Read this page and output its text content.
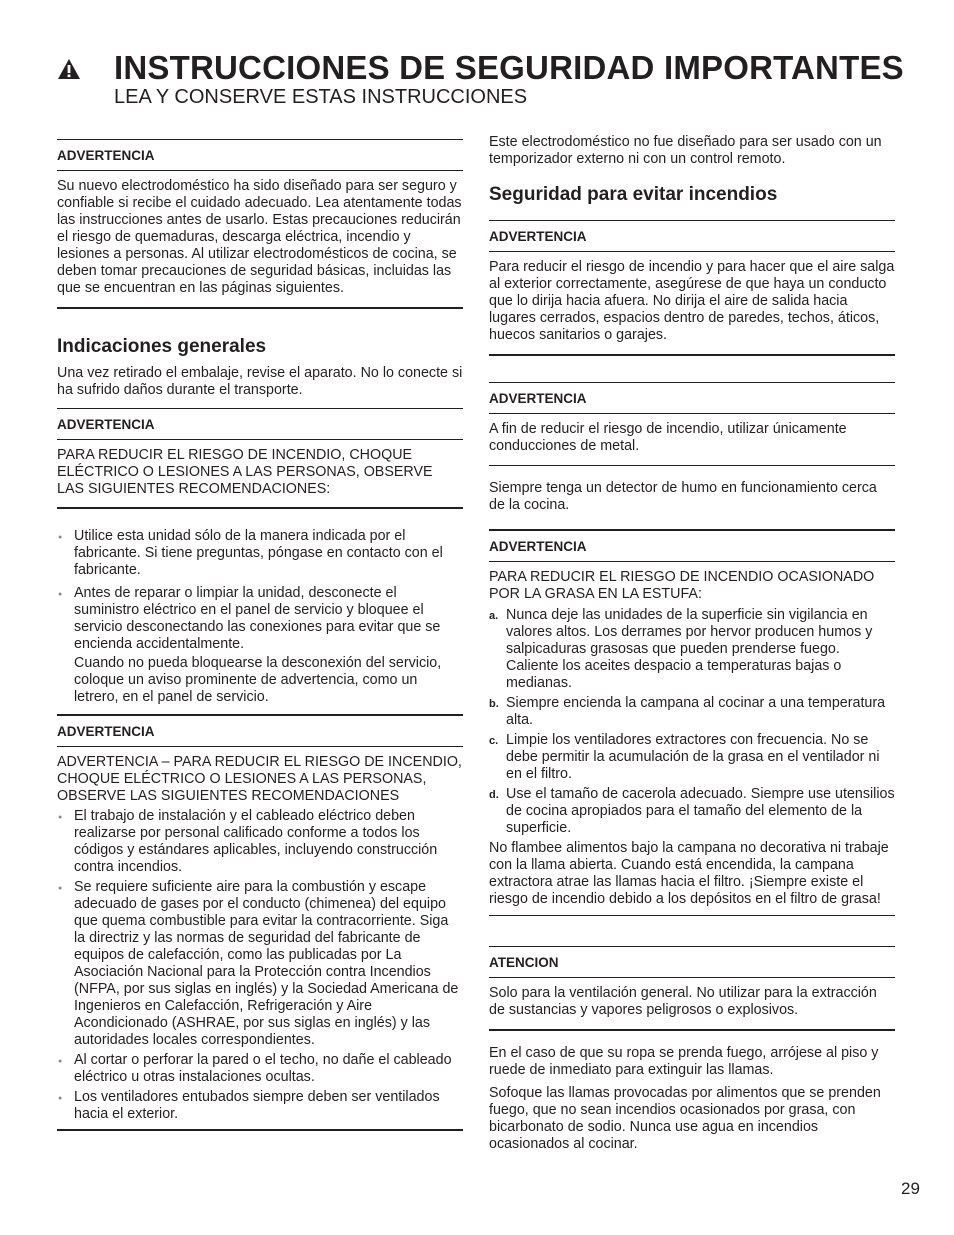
INSTRUCCIONES DE SEGURIDAD IMPORTANTES
LEA Y CONSERVE ESTAS INSTRUCCIONES
ADVERTENCIA

Su nuevo electrodoméstico ha sido diseñado para ser seguro y confiable si recibe el cuidado adecuado. Lea atentamente todas las instrucciones antes de usarlo. Estas precauciones reducirán el riesgo de quemaduras, descarga eléctrica, incendio y lesiones a personas. Al utilizar electrodomésticos de cocina, se deben tomar precauciones de seguridad básicas, incluidas las que se encuentran en las páginas siguientes.

Indicaciones generales

Una vez retirado el embalaje, revise el aparato. No lo conecte si ha sufrido daños durante el transporte.

ADVERTENCIA

PARA REDUCIR EL RIESGO DE INCENDIO, CHOQUE ELÉCTRICO O LESIONES A LAS PERSONAS, OBSERVE LAS SIGUIENTES RECOMENDACIONES:

● Utilice esta unidad sólo de la manera indicada por el fabricante. Si tiene preguntas, póngase en contacto con el fabricante.
● Antes de reparar o limpiar la unidad, desconecte el suministro eléctrico en el panel de servicio y bloquee el servicio desconectando las conexiones para evitar que se encienda accidentalmente.

Cuando no pueda bloquearse la desconexión del servicio, coloque un aviso prominente de advertencia, como un letrero, en el panel de servicio.

ADVERTENCIA

ADVERTENCIA – PARA REDUCIR EL RIESGO DE INCENDIO, CHOQUE ELÉCTRICO O LESIONES A LAS PERSONAS, OBSERVE LAS SIGUIENTES RECOMENDACIONES

● El trabajo de instalación y el cableado eléctrico deben realizarse por personal calificado conforme a todos los códigos y estándares aplicables, incluyendo construcción contra incendios.
● Se requiere suficiente aire para la combustión y escape adecuado de gases por el conducto (chimenea) del equipo que quema combustible para evitar la contracorriente. Siga la directriz y las normas de seguridad del fabricante de equipos de calefacción, como las publicadas por La Asociación Nacional para la Protección contra Incendios (NFPA, por sus siglas en inglés) y la Sociedad Americana de Ingenieros en Calefacción, Refrigeración y Aire Acondicionado (ASHRAE, por sus siglas en inglés) y las autoridades locales correspondientes.
● Al cortar o perforar la pared o el techo, no dañe el cableado eléctrico u otras instalaciones ocultas.
● Los ventiladores entubados siempre deben ser ventilados hacia el exterior.

Este electrodoméstico no fue diseñado para ser usado con un temporizador externo ni con un control remoto.

Seguridad para evitar incendios
ADVERTENCIA

Para reducir el riesgo de incendio y para hacer que el aire salga al exterior correctamente, asegúrese de que haya un conducto que lo dirija hacia afuera. No dirija el aire de salida hacia lugares cerrados, espacios dentro de paredes, techos, áticos, huecos sanitarios o garajes.

ADVERTENCIA

A fin de reducir el riesgo de incendio, utilizar únicamente conducciones de metal.

Siempre tenga un detector de humo en funcionamiento cerca de la cocina.

ADVERTENCIA

PARA REDUCIR EL RIESGO DE INCENDIO OCASIONADO POR LA GRASA EN LA ESTUFA:

a. Nunca deje las unidades de la superficie sin vigilancia en valores altos. Los derrames por hervor producen humos y salpicaduras grasosas que pueden prenderse fuego. Caliente los aceites despacio a temperaturas bajas o medianas.
b. Siempre encienda la campana al cocinar a una temperatura alta.
c. Limpie los ventiladores extractores con frecuencia. No se debe permitir la acumulación de la grasa en el ventilador ni en el filtro.
d. Use el tamaño de cacerola adecuado. Siempre use utensilios de cocina apropiados para el tamaño del elemento de la superficie.

No flambee alimentos bajo la campana no decorativa ni trabaje con la llama abierta. Cuando está encendida, la campana extractora atrae las llamas hacia el filtro. ¡Siempre existe el riesgo de incendio debido a los depósitos en el filtro de grasa!

ATENCION

Solo para la ventilación general. No utilizar para la extracción de sustancias y vapores peligrosos o explosivos.

En el caso de que su ropa se prenda fuego, arrójese al piso y ruede de inmediato para extinguir las llamas.

Sofoque las llamas provocadas por alimentos que se prenden fuego, que no sean incendios ocasionados por grasa, con bicarbonato de sodio. Nunca use agua en incendios ocasionados al cocinar.

29
